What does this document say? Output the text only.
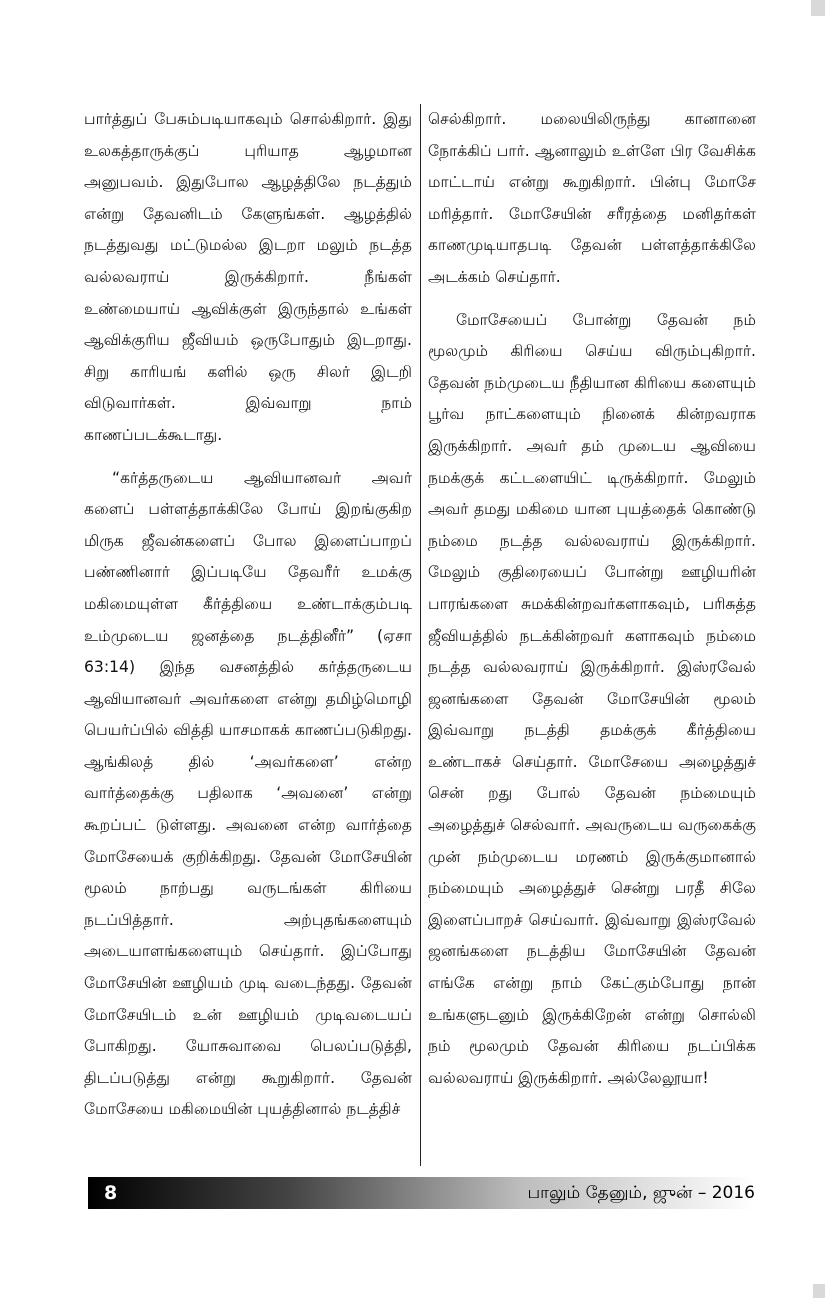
பார்த்துப் பேசும்படியாகவும் சொல்கிறார். இது உலகத்தாருக்குப் புரியாத ஆழமான அனுபவம். இதுபோல ஆழத்திலே நடத்தும் என்று தேவனிடம் கேளுங்கள். ஆழத்தில் நடத்துவது மட்டுமல்ல இடறா மலும் நடத்த வல்லவராய் இருக்கிறார். நீங்கள் உண்மையாய் ஆவிக்குள் இருந்தால் உங்கள் ஆவிக்குரிய ஜீவியம் ஒருபோதும் இடறாது. சிறு காரியங் களில் ஒரு சிலர் இடறி விடுவார்கள். இவ்வாறு நாம் காணப்படக்கூடாது.

“கர்த்தருடைய ஆவியானவர் அவர் களைப் பள்ளத்தாக்கிலே போய் இறங்குகிற மிருக ஜீவன்களைப் போல இளைப்பாறப் பண்ணினார் இப்படியே தேவரீர் உமக்கு மகிமையுள்ள கீர்த்தியை உண்டாக்கும்படி உம்முடைய ஜனத்தை நடத்தினீர்” (ஏசா 63:14) இந்த வசனத்தில் கர்த்தருடைய ஆவியானவர் அவர்களை என்று தமிழ்மொழி பெயர்ப்பில் வித்தி யாசமாகக் காணப்படுகிறது. ஆங்கிலத் தில் ‘அவர்களை’ என்ற வார்த்தைக்கு பதிலாக ‘அவனை’ என்று கூறப்பட் டுள்ளது. அவனை என்ற வார்த்தை மோசேயைக் குறிக்கிறது. தேவன் மோசேயின் மூலம் நாற்பது வருடங்கள் கிரியை நடப்பித்தார். அற்புதங்களையும் அடையாளங்களையும் செய்தார். இப்போது மோசேயின் ஊழியம் முடி வடைந்தது. தேவன் மோசேயிடம் உன் ஊழியம் முடிவடையப் போகிறது. யோசுவாவை பெலப்படுத்தி, திடப்படுத்து என்று கூறுகிறார். தேவன் மோசேயை மகிமையின் புயத்தினால் நடத்திச்

செல்கிறார். மலையிலிருந்து கானானை நோக்கிப் பார். ஆனாலும் உள்ளே பிர வேசிக்க மாட்டாய் என்று கூறுகிறார். பின்பு மோசே மரித்தார். மோசேயின் சரீரத்தை மனிதர்கள் காணமுடியாதபடி தேவன் பள்ளத்தாக்கிலே அடக்கம் செய்தார்.

மோசேயைப் போன்று தேவன் நம் மூலமும் கிரியை செய்ய விரும்புகிறார். தேவன் நம்முடைய நீதியான கிரியை களையும் பூர்வ நாட்களையும் நினைக் கின்றவராக இருக்கிறார். அவர் தம் முடைய ஆவியை நமக்குக் கட்டளையிட் டிருக்கிறார். மேலும் அவர் தமது மகிமை யான புயத்தைக் கொண்டு நம்மை நடத்த வல்லவராய் இருக்கிறார். மேலும் குதிரையைப் போன்று ஊழியரின் பாரங்களை சுமக்கின்றவர்களாகவும், பரிசுத்த ஜீவியத்தில் நடக்கின்றவர் களாகவும் நம்மை நடத்த வல்லவராய் இருக்கிறார். இஸ்ரவேல் ஜனங்களை தேவன் மோசேயின் மூலம் இவ்வாறு நடத்தி தமக்குக் கீர்த்தியை உண்டாகச் செய்தார். மோசேயை அழைத்துச் சென் றது போல் தேவன் நம்மையும் அழைத்துச் செல்வார். அவருடைய வருகைக்கு முன் நம்முடைய மரணம் இருக்குமானால் நம்மையும் அழைத்துச் சென்று பரதீ சிலே இளைப்பாறச் செய்வார். இவ்வாறு இஸ்ரவேல் ஜனங்களை நடத்திய மோசேயின் தேவன் எங்கே என்று நாம் கேட்கும்போது நான் உங்களுடனும் இருக்கிறேன் என்று சொல்லி நம் மூலமும் தேவன் கிரியை நடப்பிக்க வல்லவராய் இருக்கிறார். அல்லேலூயா!

8	பாலும் தேனும், ஜுன் – 2016
